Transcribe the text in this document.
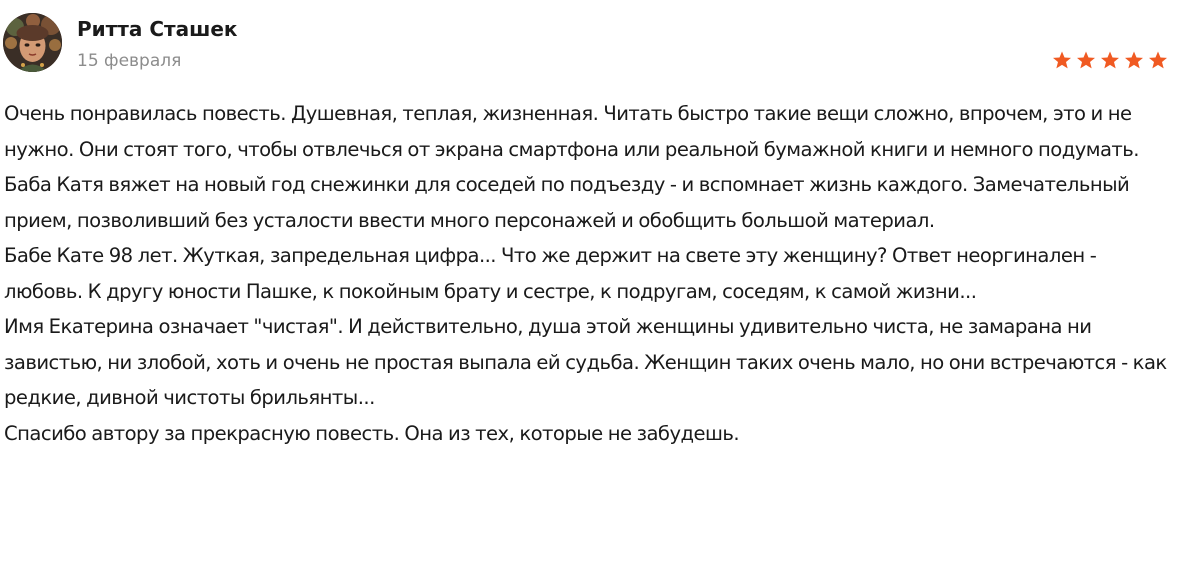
Ритта Сташек
15 февраля

Очень понравилась повесть. Душевная, теплая, жизненная. Читать быстро такие вещи сложно, впрочем, это и не нужно. Они стоят того, чтобы отвлечься от экрана смартфона или реальной бумажной книги и немного подумать.

Баба Катя вяжет на новый год снежинки для соседей по подъезду - и вспомнает жизнь каждого. Замечательный прием, позволивший без усталости ввести много персонажей и обобщить большой материал.

Бабе Кате 98 лет. Жуткая, запредельная цифра... Что же держит на свете эту женщину? Ответ неоргинален - любовь. К другу юности Пашке, к покойным брату и сестре, к подругам, соседям, к самой жизни...

Имя Екатерина означает "чистая". И действительно, душа этой женщины удивительно чиста, не замарана ни завистью, ни злобой, хоть и очень не простая выпала ей судьба. Женщин таких очень мало, но они встречаются - как редкие, дивной чистоты брильянты...

Спасибо автору за прекрасную повесть. Она из тех, которые не забудешь.
